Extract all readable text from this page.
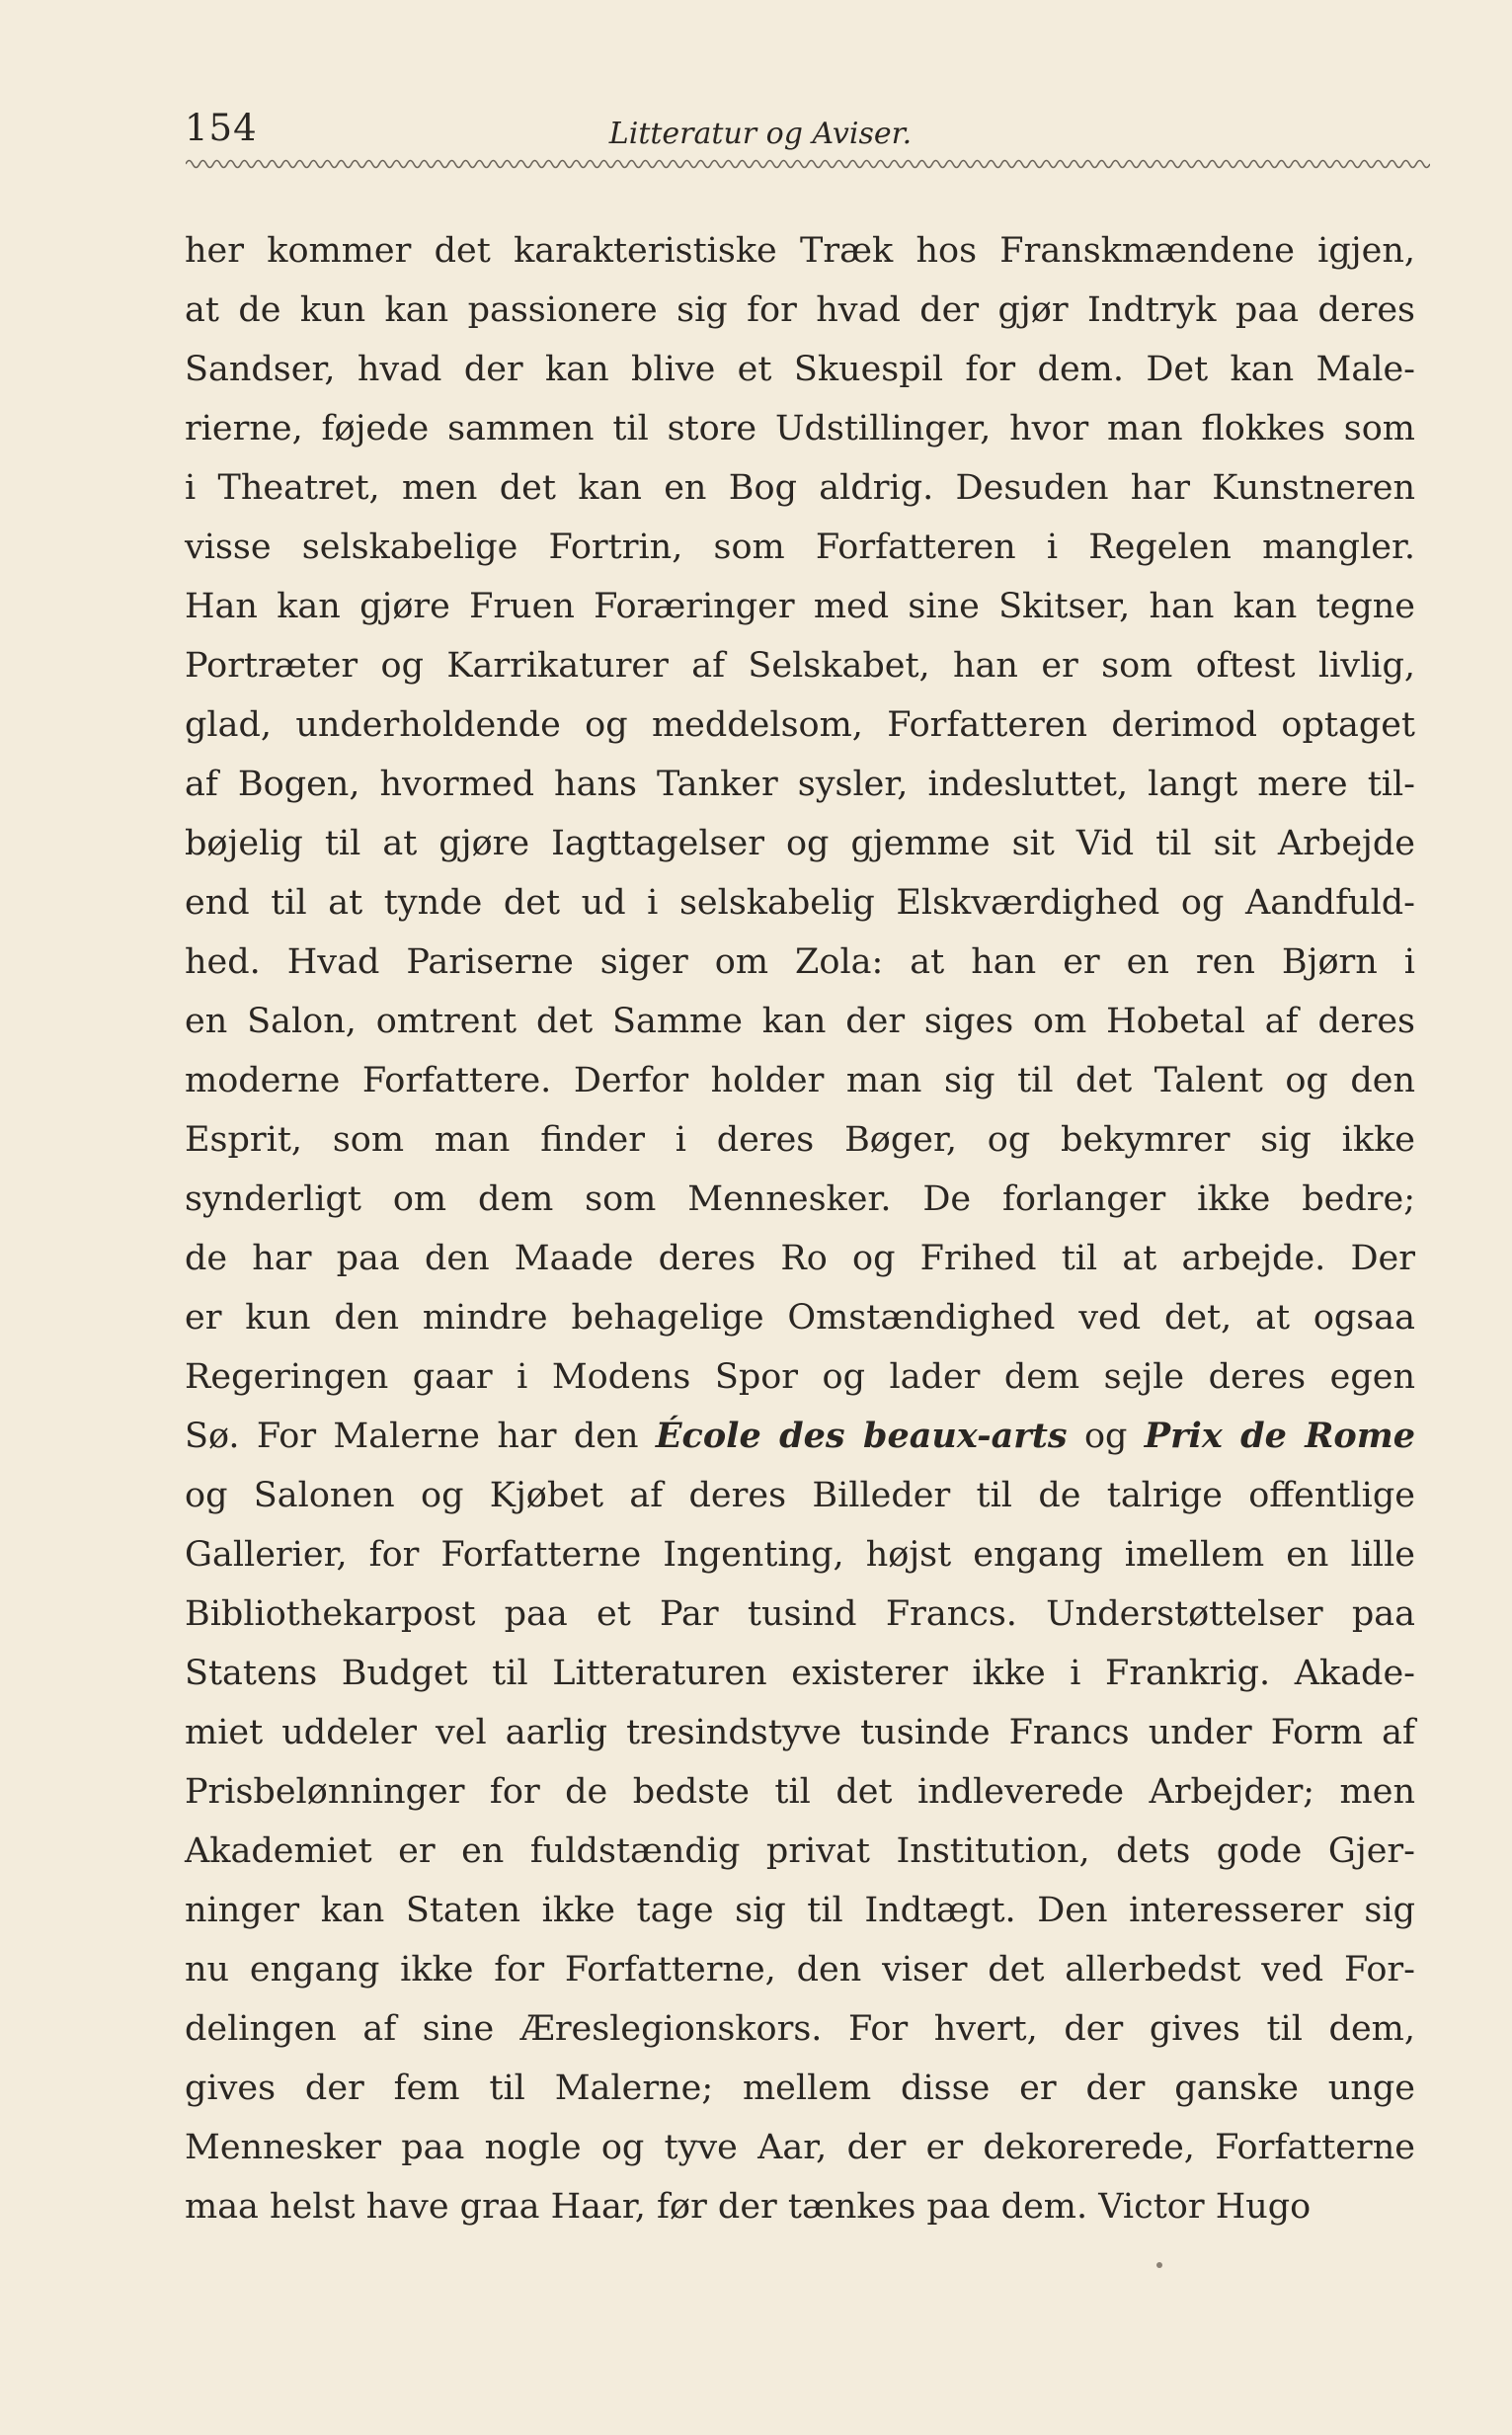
154	Litteratur og Aviser.
her kommer det karakteristiske Træk hos Franskmændene igjen,
at de kun kan passionere sig for hvad der gjør Indtryk paa deres
Sandser, hvad der kan blive et Skuespil for dem. Det kan Male-
rierne, føjede sammen til store Udstillinger, hvor man flokkes som
i Theatret, men det kan en Bog aldrig. Desuden har Kunstneren
visse selskabelige Fortrin, som Forfatteren i Regelen mangler.
Han kan gjøre Fruen Foræringer med sine Skitser, han kan tegne
Portræter og Karrikaturer af Selskabet, han er som oftest livlig,
glad, underholdende og meddelsom, Forfatteren derimod optaget
af Bogen, hvormed hans Tanker sysler, indesluttet, langt mere til-
bøjelig til at gjøre Iagttagelser og gjemme sit Vid til sit Arbejde
end til at tynde det ud i selskabelig Elskværdighed og Aandfuld-
hed. Hvad Pariserne siger om Zola: at han er en ren Bjørn i
en Salon, omtrent det Samme kan der siges om Hobetal af deres
moderne Forfattere. Derfor holder man sig til det Talent og den
Esprit, som man finder i deres Bøger, og bekymrer sig ikke
synderligt om dem som Mennesker. De forlanger ikke bedre;
de har paa den Maade deres Ro og Frihed til at arbejde. Der
er kun den mindre behagelige Omstændighed ved det, at ogsaa
Regeringen gaar i Modens Spor og lader dem sejle deres egen
Sø. For Malerne har den École des beaux-arts og Prix de Rome
og Salonen og Kjøbet af deres Billeder til de talrige offentlige
Gallerier, for Forfatterne Ingenting, højst engang imellem en lille
Bibliothekarpost paa et Par tusind Francs. Understøttelser paa
Statens Budget til Litteraturen existerer ikke i Frankrig. Akade-
miet uddeler vel aarlig tresindstyve tusinde Francs under Form af
Prisbelønninger for de bedste til det indleverede Arbejder; men
Akademiet er en fuldstændig privat Institution, dets gode Gjer-
ninger kan Staten ikke tage sig til Indtægt. Den interesserer sig
nu engang ikke for Forfatterne, den viser det allerbedst ved For-
delingen af sine Æreslegionskors. For hvert, der gives til dem,
gives der fem til Malerne; mellem disse er der ganske unge
Mennesker paa nogle og tyve Aar, der er dekorerede, Forfatterne
maa helst have graa Haar, før der tænkes paa dem. Victor Hugo
